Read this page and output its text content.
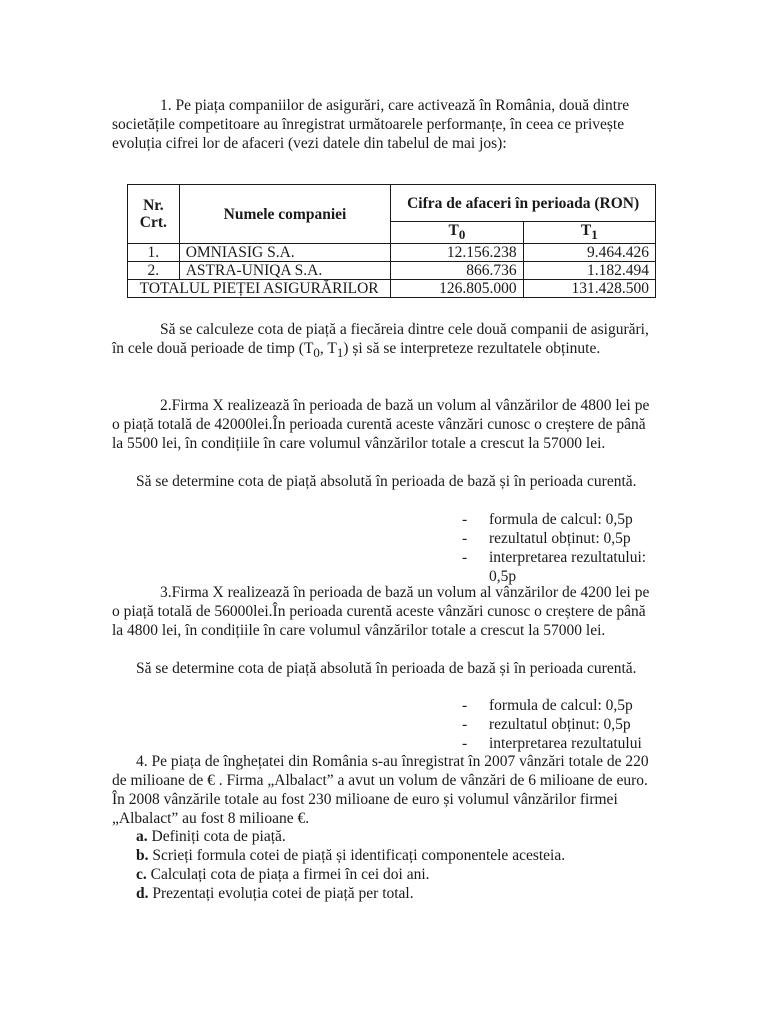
1. Pe piața companiilor de asigurări, care activează în România, două dintre societățile competitoare au înregistrat următoarele performanțe, în ceea ce privește evoluția cifrei lor de afaceri (vezi datele din tabelul de mai jos):

Nr. Crt.	Numele companiei	Cifra de afaceri în perioada (RON)	
		$T_0$	$T_1$
1.	OMNIASIG S.A.	12.156.238	9.464.426
2.	ASTRA-UNIQA S.A.	866.736	1.182.494
TOTALUL PIEȚEI ASIGURĂRILOR		126.805.000	131.428.500

Să se calculeze cota de piață a fiecăreia dintre cele două companii de asigurări, în cele două perioade de timp ($T_0$, $T_1$) și să se interpreteze rezultatele obținute.

2.Firma X realizează în perioada de bază un volum al vânzărilor de 4800 lei pe o piață totală de 42000lei.În perioada curentă aceste vânzări cunosc o creștere de până la 5500 lei, în condițiile în care volumul vânzărilor totale a crescut la 57000 lei.

Să se determine cota de piață absolută în perioada de bază și în perioada curentă.

-	formula de calcul: 0,5p
-	rezultatul obținut: 0,5p
-	interpretarea rezultatului: 0,5p

3.Firma X realizează în perioada de bază un volum al vânzărilor de 4200 lei pe o piață totală de 56000lei.În perioada curentă aceste vânzări cunosc o creștere de până la 4800 lei, în condițiile în care volumul vânzărilor totale a crescut la 57000 lei.

Să se determine cota de piață absolută în perioada de bază și în perioada curentă.

-	formula de calcul: 0,5p
-	rezultatul obținut: 0,5p
-	interpretarea rezultatului

4. Pe piața de înghețatei din România s-au înregistrat în 2007 vânzări totale de 220 de milioane de € . Firma „Albalact” a avut un volum de vânzări de 6 milioane de euro. În 2008 vânzările totale au fost 230 milioane de euro și volumul vânzărilor firmei „Albalact” au fost 8 milioane €.

a. Definiți cota de piață.
b. Scrieți formula cotei de piață și identificați componentele acesteia.
c. Calculați cota de piața a firmei în cei doi ani.
d. Prezentați evoluția cotei de piață per total.
